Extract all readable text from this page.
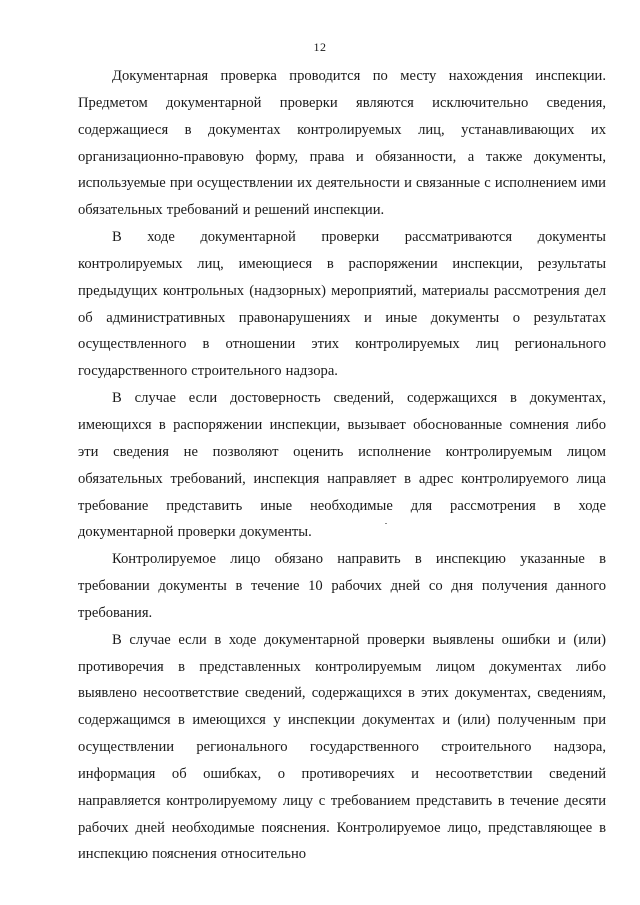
12

Документарная проверка проводится по месту нахождения инспекции. Предметом документарной проверки являются исключительно сведения, содержащиеся в документах контролируемых лиц, устанавливающих их организационно-правовую форму, права и обязанности, а также документы, используемые при осуществлении их деятельности и связанные с исполнением ими обязательных требований и решений инспекции.

В ходе документарной проверки рассматриваются документы контролируемых лиц, имеющиеся в распоряжении инспекции, результаты предыдущих контрольных (надзорных) мероприятий, материалы рассмотрения дел об административных правонарушениях и иные документы о результатах осуществленного в отношении этих контролируемых лиц регионального государственного строительного надзора.

В случае если достоверность сведений, содержащихся в документах, имеющихся в распоряжении инспекции, вызывает обоснованные сомнения либо эти сведения не позволяют оценить исполнение контролируемым лицом обязательных требований, инспекция направляет в адрес контролируемого лица требование представить иные необходимые для рассмотрения в ходе документарной проверки документы.

Контролируемое лицо обязано направить в инспекцию указанные в требовании документы в течение 10 рабочих дней со дня получения данного требования.

В случае если в ходе документарной проверки выявлены ошибки и (или) противоречия в представленных контролируемым лицом документах либо выявлено несоответствие сведений, содержащихся в этих документах, сведениям, содержащимся в имеющихся у инспекции документах и (или) полученным при осуществлении регионального государственного строительного надзора, информация об ошибках, о противоречиях и несоответствии сведений направляется контролируемому лицу с требованием представить в течение десяти рабочих дней необходимые пояснения. Контролируемое лицо, представляющее в инспекцию пояснения относительно
